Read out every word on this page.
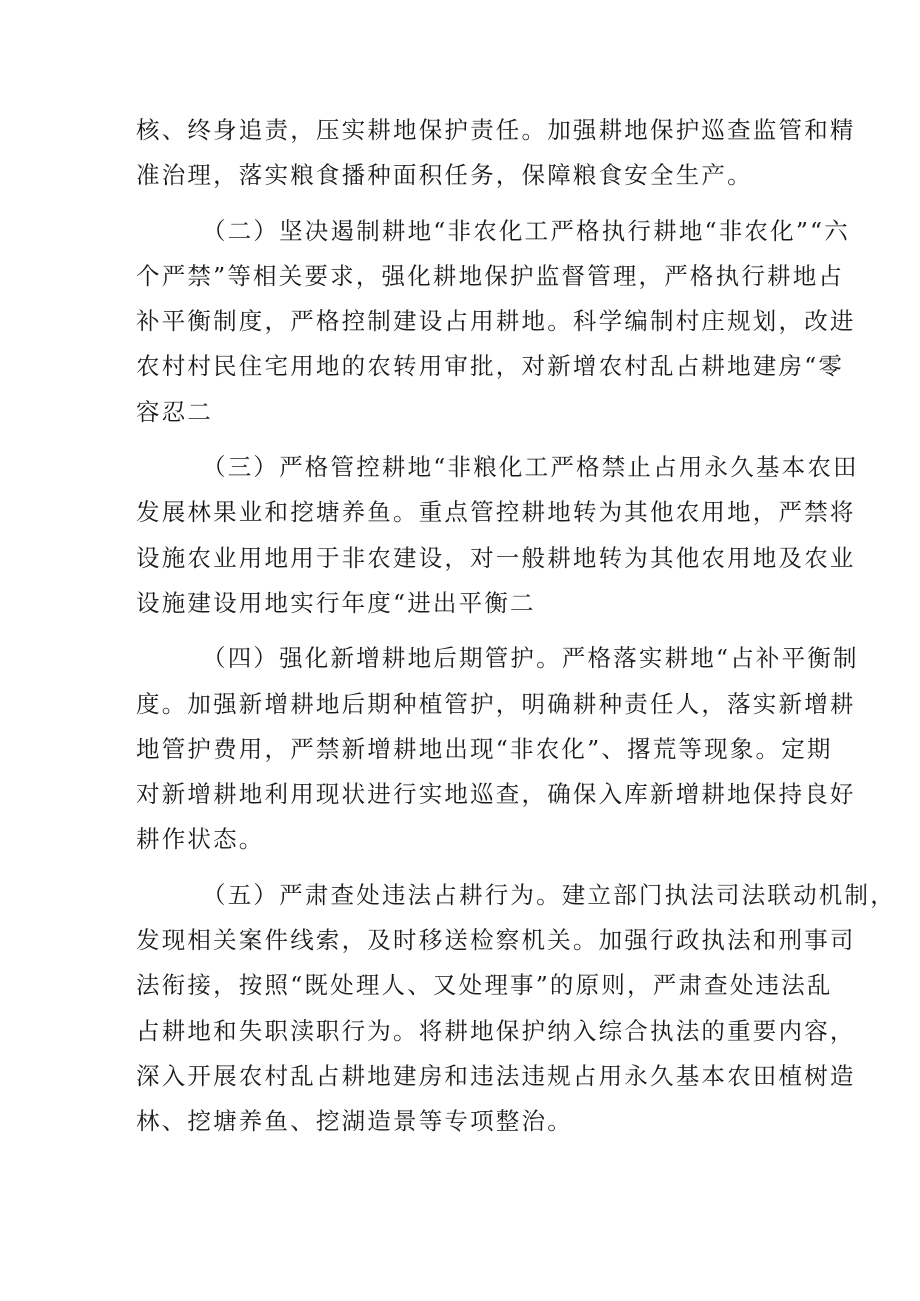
核、终身追责，压实耕地保护责任。加强耕地保护巡查监管和精
准治理，落实粮食播种面积任务，保障粮食安全生产。
（二）坚决遏制耕地“非农化工严格执行耕地“非农化”“六
个严禁”等相关要求，强化耕地保护监督管理，严格执行耕地占
补平衡制度，严格控制建设占用耕地。科学编制村庄规划，改进
农村村民住宅用地的农转用审批，对新增农村乱占耕地建房“零
容忍二
（三）严格管控耕地“非粮化工严格禁止占用永久基本农田
发展林果业和挖塘养鱼。重点管控耕地转为其他农用地，严禁将
设施农业用地用于非农建设，对一般耕地转为其他农用地及农业
设施建设用地实行年度“进出平衡二
（四）强化新增耕地后期管护。严格落实耕地“占补平衡制
度。加强新增耕地后期种植管护，明确耕种责任人，落实新增耕
地管护费用，严禁新增耕地出现“非农化”、撂荒等现象。定期
对新增耕地利用现状进行实地巡查，确保入库新增耕地保持良好
耕作状态。
（五）严肃查处违法占耕行为。建立部门执法司法联动机制，
发现相关案件线索，及时移送检察机关。加强行政执法和刑事司
法衔接，按照“既处理人、又处理事”的原则，严肃查处违法乱
占耕地和失职渎职行为。将耕地保护纳入综合执法的重要内容，
深入开展农村乱占耕地建房和违法违规占用永久基本农田植树造
林、挖塘养鱼、挖湖造景等专项整治。
